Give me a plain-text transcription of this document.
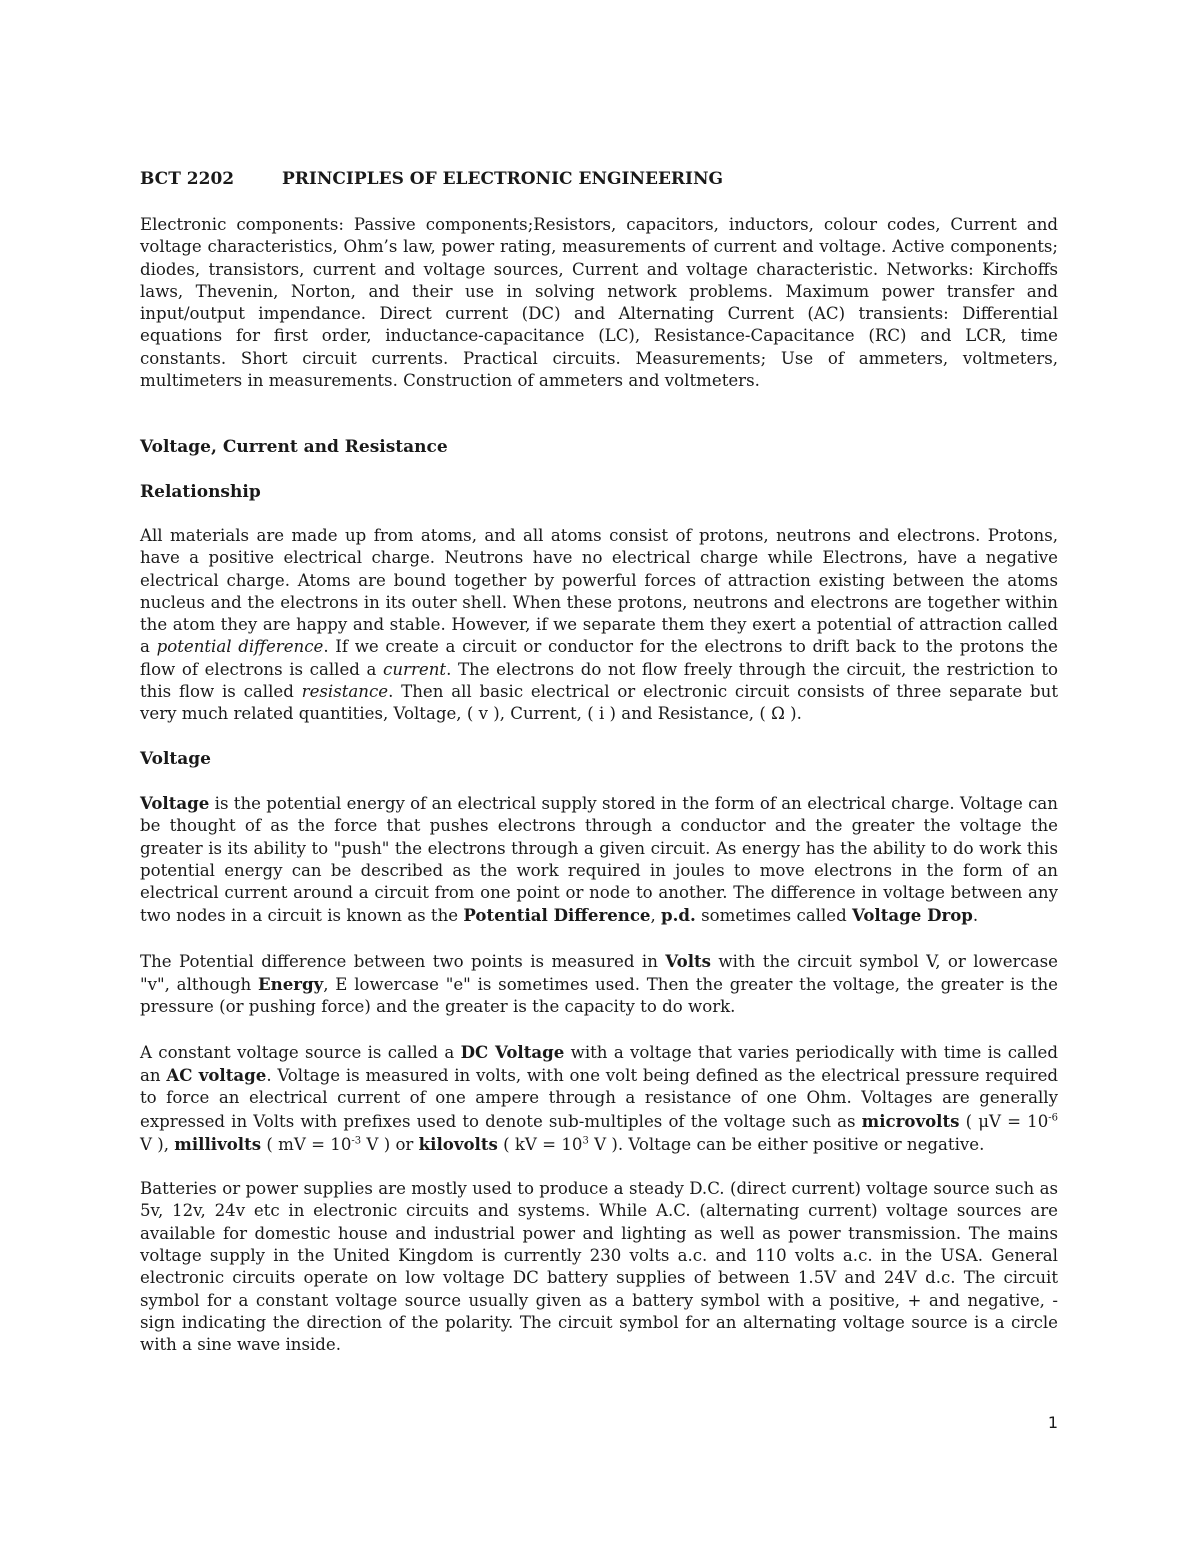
BCT 2202	PRINCIPLES OF ELECTRONIC ENGINEERING

Electronic components: Passive components;Resistors, capacitors, inductors, colour codes, Current and voltage characteristics, Ohm’s law, power rating, measurements of current and voltage. Active components; diodes, transistors, current and voltage sources, Current and voltage characteristic. Networks: Kirchoffs laws, Thevenin, Norton, and their use in solving network problems. Maximum power transfer and input/output impendance. Direct current (DC) and Alternating Current (AC) transients: Differential equations for first order, inductance-capacitance (LC), Resistance-Capacitance (RC) and LCR, time constants. Short circuit currents. Practical circuits. Measurements; Use of ammeters, voltmeters, multimeters in measurements. Construction of ammeters and voltmeters.

Voltage, Current and Resistance

Relationship

All materials are made up from atoms, and all atoms consist of protons, neutrons and electrons. Protons, have a positive electrical charge. Neutrons have no electrical charge while Electrons, have a negative electrical charge. Atoms are bound together by powerful forces of attraction existing between the atoms nucleus and the electrons in its outer shell. When these protons, neutrons and electrons are together within the atom they are happy and stable. However, if we separate them they exert a potential of attraction called a potential difference. If we create a circuit or conductor for the electrons to drift back to the protons the flow of electrons is called a current. The electrons do not flow freely through the circuit, the restriction to this flow is called resistance. Then all basic electrical or electronic circuit consists of three separate but very much related quantities, Voltage, ( v ), Current, ( i ) and Resistance, ( Ω ).

Voltage

Voltage is the potential energy of an electrical supply stored in the form of an electrical charge. Voltage can be thought of as the force that pushes electrons through a conductor and the greater the voltage the greater is its ability to "push" the electrons through a given circuit. As energy has the ability to do work this potential energy can be described as the work required in joules to move electrons in the form of an electrical current around a circuit from one point or node to another. The difference in voltage between any two nodes in a circuit is known as the Potential Difference, p.d. sometimes called Voltage Drop.

The Potential difference between two points is measured in Volts with the circuit symbol V, or lowercase "v", although Energy, E lowercase "e" is sometimes used. Then the greater the voltage, the greater is the pressure (or pushing force) and the greater is the capacity to do work.

A constant voltage source is called a DC Voltage with a voltage that varies periodically with time is called an AC voltage. Voltage is measured in volts, with one volt being defined as the electrical pressure required to force an electrical current of one ampere through a resistance of one Ohm. Voltages are generally expressed in Volts with prefixes used to denote sub-multiples of the voltage such as microvolts ( $\mu V = 10^{-6}$ V ), millivolts ( mV = $10^{-3}$ V ) or kilovolts ( kV = $10^3$ V ). Voltage can be either positive or negative.

Batteries or power supplies are mostly used to produce a steady D.C. (direct current) voltage source such as 5v, 12v, 24v etc in electronic circuits and systems. While A.C. (alternating current) voltage sources are available for domestic house and industrial power and lighting as well as power transmission. The mains voltage supply in the United Kingdom is currently 230 volts a.c. and 110 volts a.c. in the USA. General electronic circuits operate on low voltage DC battery supplies of between 1.5V and 24V d.c. The circuit symbol for a constant voltage source usually given as a battery symbol with a positive, + and negative, - sign indicating the direction of the polarity. The circuit symbol for an alternating voltage source is a circle with a sine wave inside.

1
